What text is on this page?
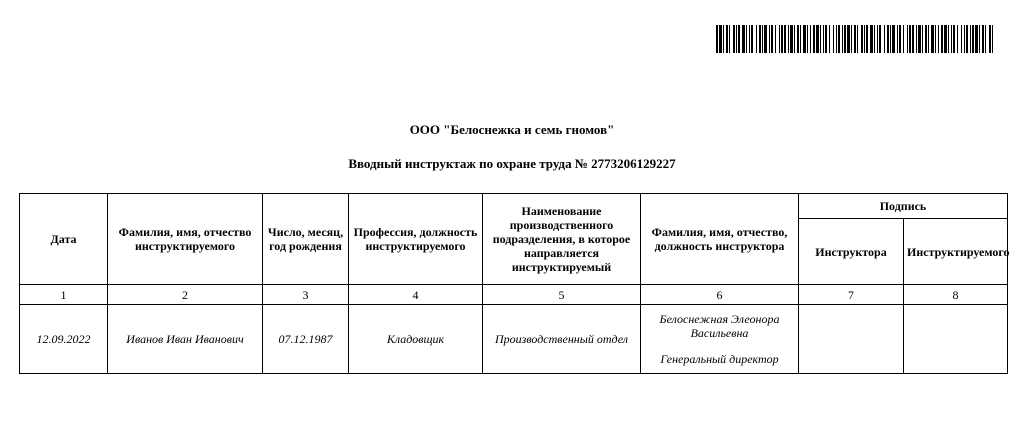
ООО "Белоснежка и семь гномов"
Вводный инструктаж по охране труда № 2773206129227
Дата	Фамилия, имя, отчество инструктируемого	Число, месяц, год рождения	Профессия, должность инструктируемого	Наименование производственного подразделения, в которое направляется инструктируемый	Фамилия, имя, отчество, должность инструктора	Подпись	
						Инструктора	Инструктируемого
1	2	3	4	5	6	7	8
12.09.2022	Иванов Иван Иванович	07.12.1987	Кладовщик	Производственный отдел	Белоснежная Элеонора Васильевна
Генеральный директор		
